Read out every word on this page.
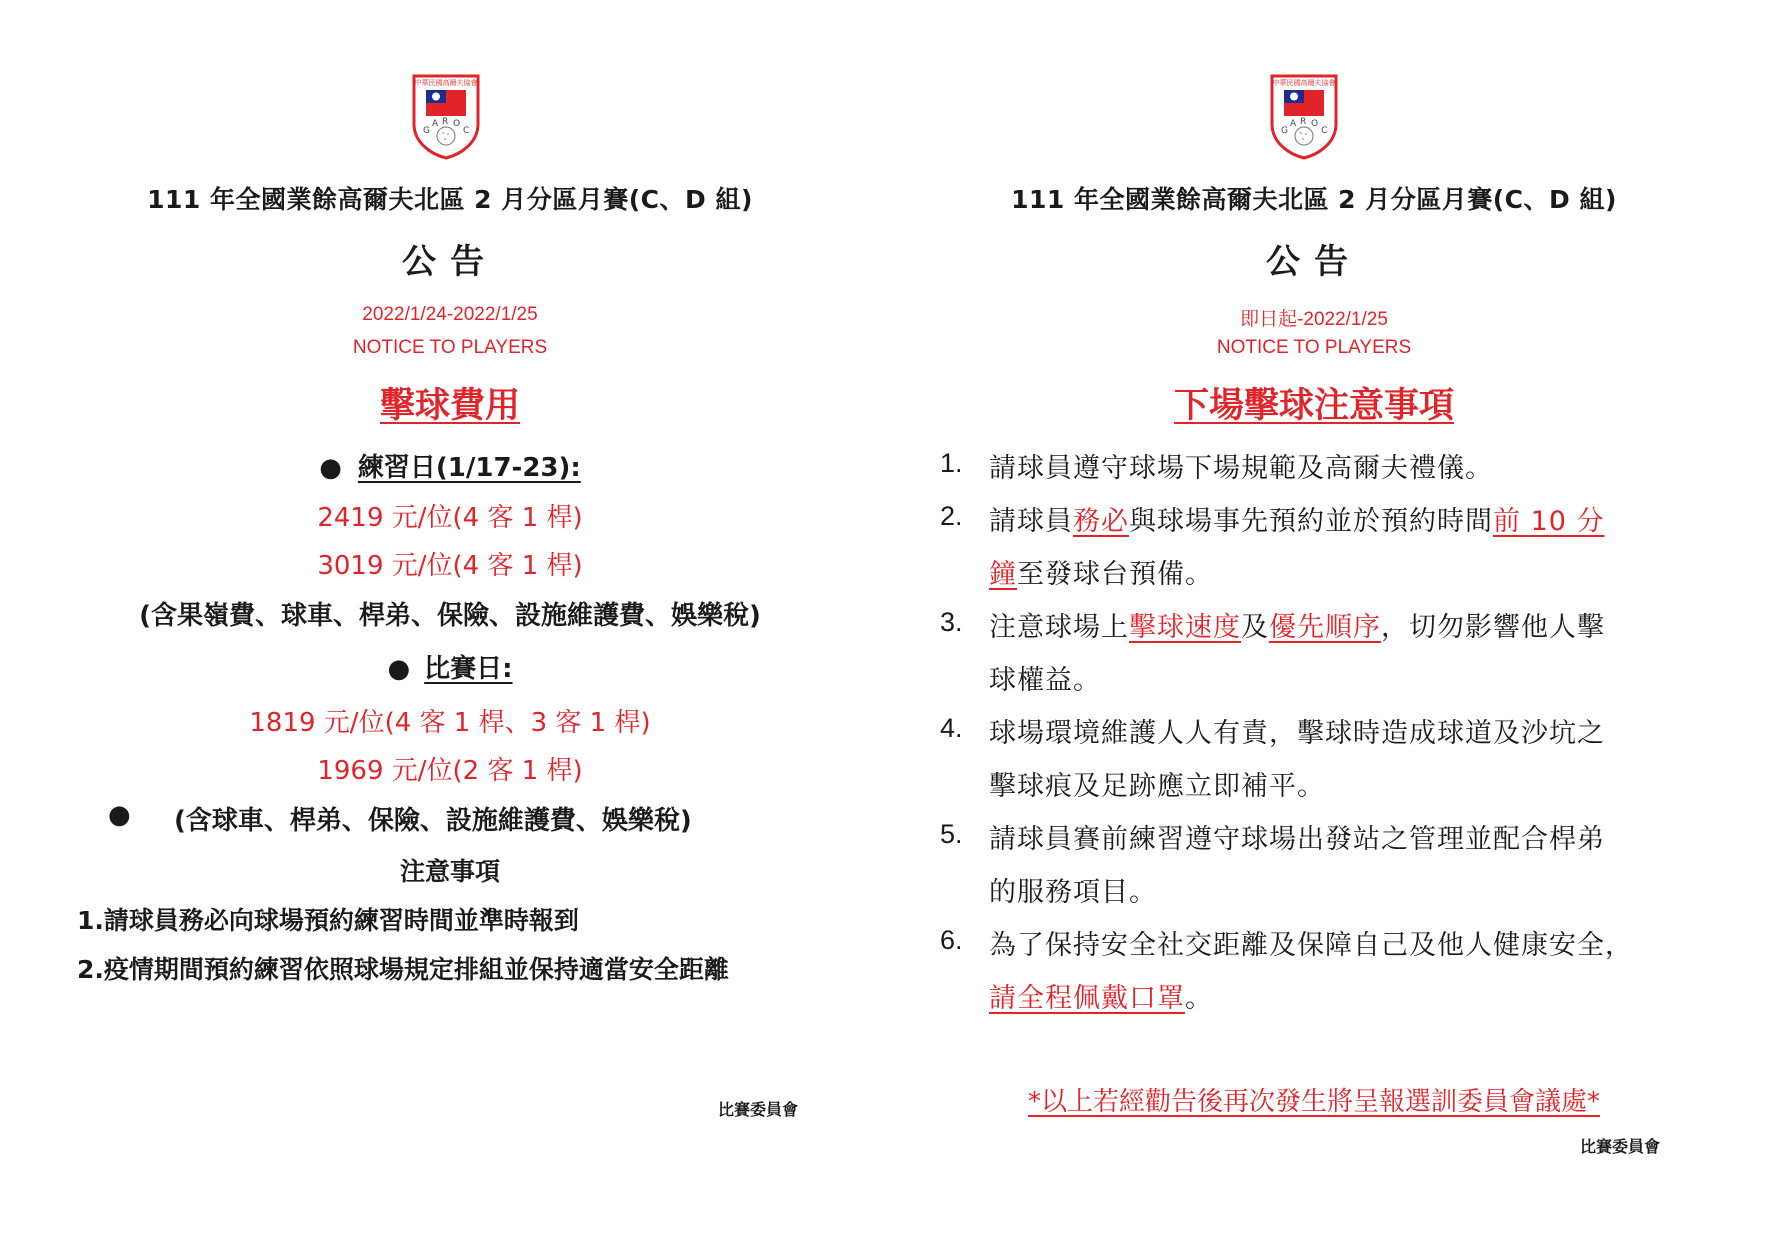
中華民國高爾夫協會
G
A R O
C
111 年全國業餘高爾夫北區 2 月分區月賽(C、D 組)
公告
2022/1/24-2022/1/25
NOTICE TO PLAYERS
擊球費用
● 練習日(1/17-23):
2419 元/位(4 客 1 桿)
3019 元/位(4 客 1 桿)
(含果嶺費、球車、桿弟、保險、設施維護費、娛樂稅)
● 比賽日:
1819 元/位(4 客 1 桿、3 客 1 桿)
1969 元/位(2 客 1 桿)
● (含球車、桿弟、保險、設施維護費、娛樂稅)
注意事項
1.請球員務必向球場預約練習時間並準時報到
2.疫情期間預約練習依照球場規定排組並保持適當安全距離
比賽委員會
中華民國高爾夫協會
G
A R O
C
111 年全國業餘高爾夫北區 2 月分區月賽(C、D 組)
公告
即日起-2022/1/25
NOTICE TO PLAYERS
下場擊球注意事項
1. 請球員遵守球場下場規範及高爾夫禮儀。
2. 請球員務必與球場事先預約並於預約時間前 10 分
鐘至發球台預備。
3. 注意球場上擊球速度及優先順序，切勿影響他人擊
球權益。
4. 球場環境維護人人有責，擊球時造成球道及沙坑之
擊球痕及足跡應立即補平。
5. 請球員賽前練習遵守球場出發站之管理並配合桿弟
的服務項目。
6. 為了保持安全社交距離及保障自己及他人健康安全，
請全程佩戴口罩。
*以上若經勸告後再次發生將呈報選訓委員會議處*
比賽委員會
